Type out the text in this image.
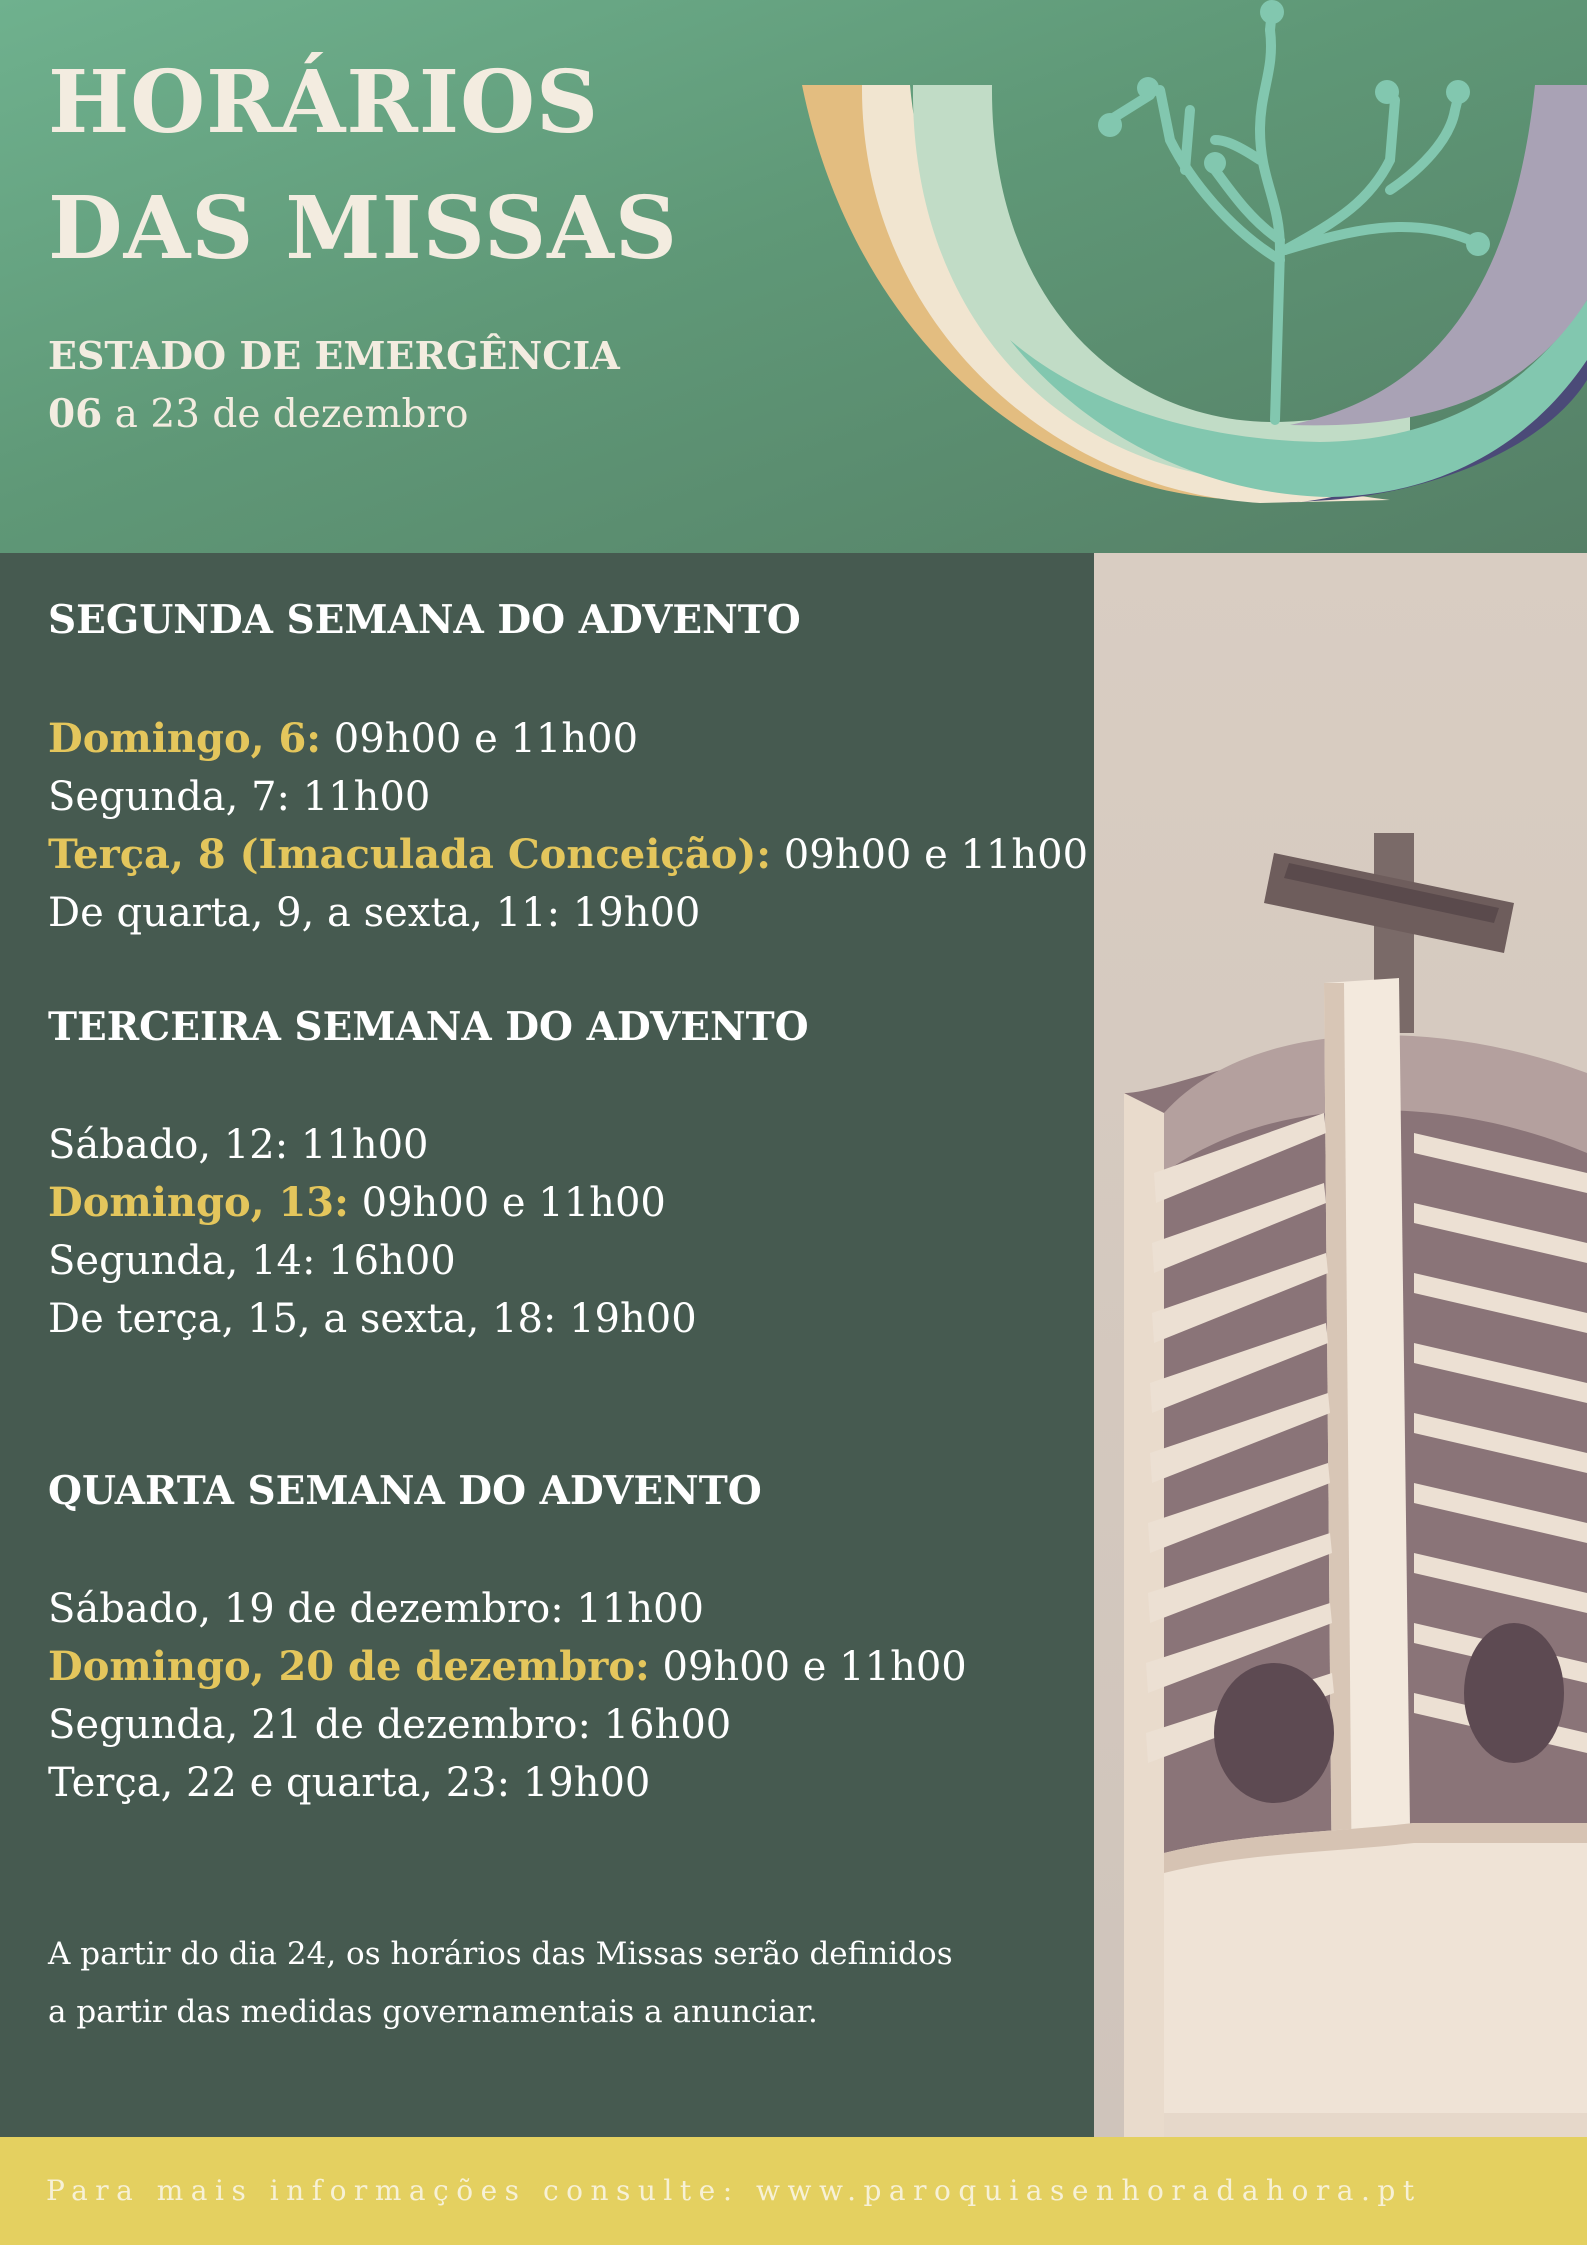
HORÁRIOS
DAS MISSAS
ESTADO DE EMERGÊNCIA
06 a 23 de dezembro
SEGUNDA SEMANA DO ADVENTO
Domingo, 6: 09h00 e 11h00
Segunda, 7: 11h00
Terça, 8 (Imaculada Conceição): 09h00 e 11h00
De quarta, 9, a sexta, 11: 19h00
TERCEIRA SEMANA DO ADVENTO
Sábado, 12: 11h00
Domingo, 13: 09h00 e 11h00
Segunda, 14: 16h00
De terça, 15, a sexta, 18: 19h00
QUARTA SEMANA DO ADVENTO
Sábado, 19 de dezembro: 11h00
Domingo, 20 de dezembro: 09h00 e 11h00
Segunda, 21 de dezembro: 16h00
Terça, 22 e quarta, 23: 19h00
A partir do dia 24, os horários das Missas serão definidos
a partir das medidas governamentais a anunciar.
Para mais informações consulte: www.paroquiasenhoradahora.pt
